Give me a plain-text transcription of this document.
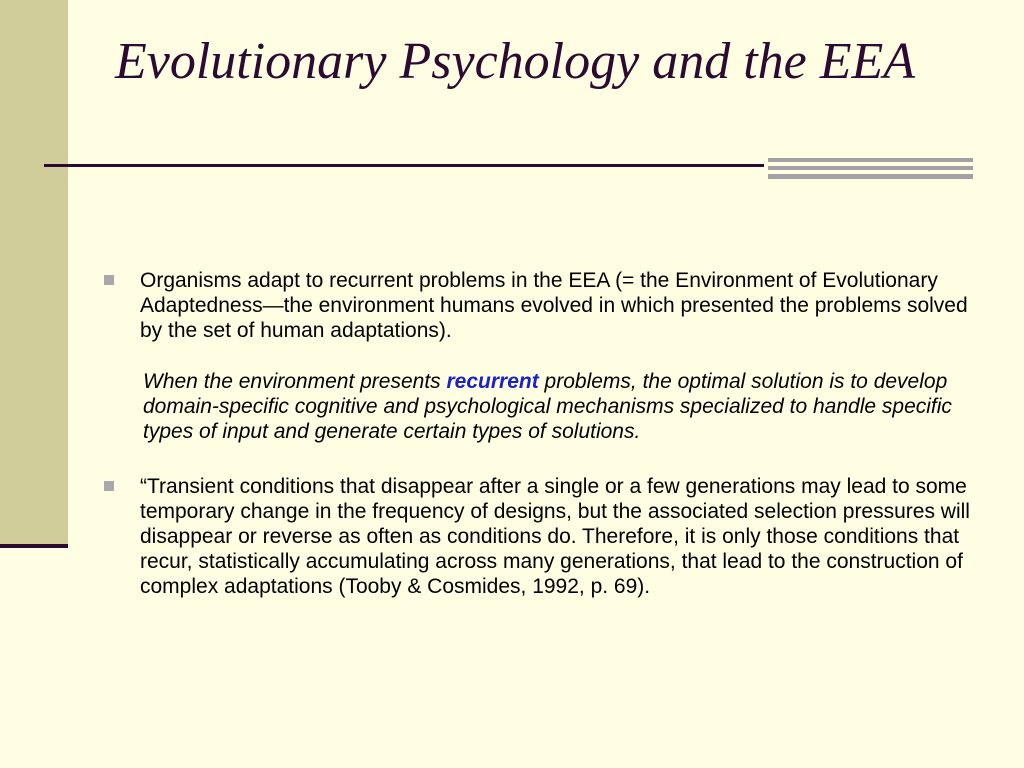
Evolutionary Psychology and the EEA
Organisms adapt to recurrent problems in the EEA (= the Environment of Evolutionary Adaptedness—the environment humans evolved in which presented the problems solved by the set of human adaptations).
When the environment presents recurrent problems, the optimal solution is to develop domain-specific cognitive and psychological mechanisms specialized to handle specific types of input and generate certain types of solutions.
“Transient conditions that disappear after a single or a few generations may lead to some temporary change in the frequency of designs, but the associated selection pressures will disappear or reverse as often as conditions do. Therefore, it is only those conditions that recur, statistically accumulating across many generations, that lead to the construction of complex adaptations (Tooby & Cosmides, 1992, p. 69).
